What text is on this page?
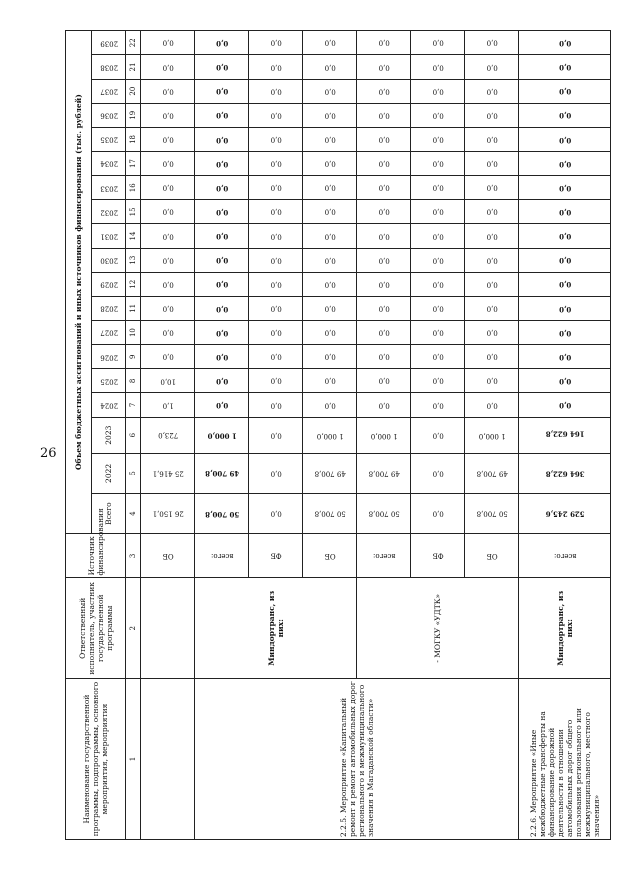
26
Наименование государственной программы, подпрограммы, основного мероприятия, мероприятия	Ответственный исполнитель, участник государственной программы	Источник финансирования	Объем бюджетных ассигнований и иных источников финансирования (тыс. рублей)																		
			Всего	2022	2023	2024	2025	2026	2027	2028	2029	2030	2031	2032	2033	2034	2035	2036	2037	2038	2039
1	2	3	4	5	6	7	8	9	10	11	12	13	14	15	16	17	18	19	20	21	22
		ОБ	26 150,1	25 416,1	723,0	1,0	10,0	0,0	0,0	0,0	0,0	0,0	0,0	0,0	0,0	0,0	0,0	0,0	0,0	0,0	0,0
2.2.5. Мероприятие «Капитальный ремонт и ремонт автомобильных дорог регионального и межмуниципального значения в Магаданской области»	Миндортранс, из них:	всего:	50 700,8	49 700,8	1 000,0	0,0	0,0	0,0	0,0	0,0	0,0	0,0	0,0	0,0	0,0	0,0	0,0	0,0	0,0	0,0	0,0
		ФБ	0,0	0,0	0,0	0,0	0,0	0,0	0,0	0,0	0,0	0,0	0,0	0,0	0,0	0,0	0,0	0,0	0,0	0,0	0,0
		ОБ	50 700,8	49 700,8	1 000,0	0,0	0,0	0,0	0,0	0,0	0,0	0,0	0,0	0,0	0,0	0,0	0,0	0,0	0,0	0,0	0,0
	- МОГКУ «УДТК»	всего:	50 700,8	49 700,8	1 000,0	0,0	0,0	0,0	0,0	0,0	0,0	0,0	0,0	0,0	0,0	0,0	0,0	0,0	0,0	0,0	0,0
		ФБ	0,0	0,0	0,0	0,0	0,0	0,0	0,0	0,0	0,0	0,0	0,0	0,0	0,0	0,0	0,0	0,0	0,0	0,0	0,0
		ОБ	50 700,8	49 700,8	1 000,0	0,0	0,0	0,0	0,0	0,0	0,0	0,0	0,0	0,0	0,0	0,0	0,0	0,0	0,0	0,0	0,0
2.2.6. Мероприятие «Иные межбюджетные трансферты на финансирование дорожной деятельности в отношении автомобильных дорог общего пользования регионального или межмуниципального, местного значения»	Миндортранс, из них:	всего:	529 245,6	364 622,8	164 622,8	0,0	0,0	0,0	0,0	0,0	0,0	0,0	0,0	0,0	0,0	0,0	0,0	0,0	0,0	0,0	0,0
